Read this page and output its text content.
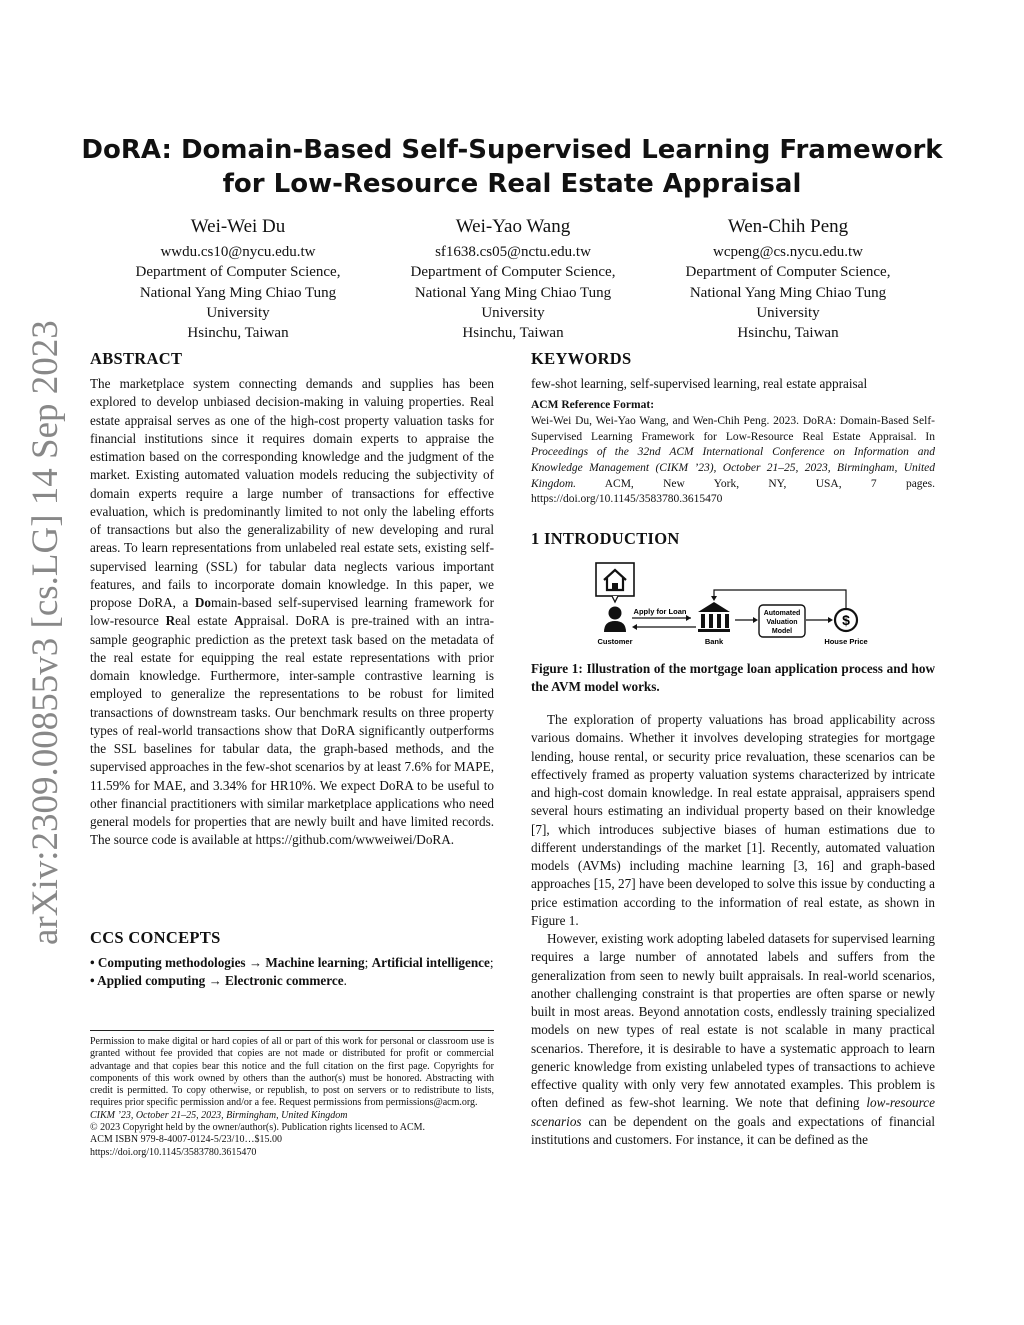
arXiv:2309.00855v3 [cs.LG] 14 Sep 2023
DoRA: Domain-Based Self-Supervised Learning Framework for Low-Resource Real Estate Appraisal
Wei-Wei Du
wwdu.cs10@nycu.edu.tw
Department of Computer Science,
National Yang Ming Chiao Tung
University
Hsinchu, Taiwan
Wei-Yao Wang
sf1638.cs05@nctu.edu.tw
Department of Computer Science,
National Yang Ming Chiao Tung
University
Hsinchu, Taiwan
Wen-Chih Peng
wcpeng@cs.nycu.edu.tw
Department of Computer Science,
National Yang Ming Chiao Tung
University
Hsinchu, Taiwan
ABSTRACT

The marketplace system connecting demands and supplies has been explored to develop unbiased decision-making in valuing properties. Real estate appraisal serves as one of the high-cost property valuation tasks for financial institutions since it requires domain experts to appraise the estimation based on the corresponding knowledge and the judgment of the market. Existing automated valuation models reducing the subjectivity of domain experts require a large number of transactions for effective evaluation, which is predominantly limited to not only the labeling efforts of transactions but also the generalizability of new developing and rural areas. To learn representations from unlabeled real estate sets, existing self-supervised learning (SSL) for tabular data neglects various important features, and fails to incorporate domain knowledge. In this paper, we propose DoRA, a Domain-based self-supervised learning framework for low-resource Real estate Appraisal. DoRA is pre-trained with an intra-sample geographic prediction as the pretext task based on the metadata of the real estate for equipping the real estate representations with prior domain knowledge. Furthermore, inter-sample contrastive learning is employed to generalize the representations to be robust for limited transactions of downstream tasks. Our benchmark results on three property types of real-world transactions show that DoRA significantly outperforms the SSL baselines for tabular data, the graph-based methods, and the supervised approaches in the few-shot scenarios by at least 7.6% for MAPE, 11.59% for MAE, and 3.34% for HR10%. We expect DoRA to be useful to other financial practitioners with similar marketplace applications who need general models for properties that are newly built and have limited records. The source code is available at https://github.com/wwweiwei/DoRA.

CCS CONCEPTS

• Computing methodologies → Machine learning; Artificial intelligence; • Applied computing → Electronic commerce.

Permission to make digital or hard copies of all or part of this work for personal or classroom use is granted without fee provided that copies are not made or distributed for profit or commercial advantage and that copies bear this notice and the full citation on the first page. Copyrights for components of this work owned by others than the author(s) must be honored. Abstracting with credit is permitted. To copy otherwise, or republish, to post on servers or to redistribute to lists, requires prior specific permission and/or a fee. Request permissions from permissions@acm.org.

CIKM ’23, October 21–25, 2023, Birmingham, United Kingdom

© 2023 Copyright held by the owner/author(s). Publication rights licensed to ACM.

ACM ISBN 979-8-4007-0124-5/23/10…$15.00

https://doi.org/10.1145/3583780.3615470

KEYWORDS

few-shot learning, self-supervised learning, real estate appraisal

ACM Reference Format:

Wei-Wei Du, Wei-Yao Wang, and Wen-Chih Peng. 2023. DoRA: Domain-Based Self-Supervised Learning Framework for Low-Resource Real Estate Appraisal. In Proceedings of the 32nd ACM International Conference on Information and Knowledge Management (CIKM ’23), October 21–25, 2023, Birmingham, United Kingdom. ACM, New York, NY, USA, 7 pages. https://doi.org/10.1145/3583780.3615470

1 INTRODUCTION
Customer
Apply for Loan
Bank
Automated
Valuation
Model
$
House Price

Figure 1: Illustration of the mortgage loan application process and how the AVM model works.

The exploration of property valuations has broad applicability across various domains. Whether it involves developing strategies for mortgage lending, house rental, or security price revaluation, these scenarios can be effectively framed as property valuation systems characterized by intricate and high-cost domain knowledge. In real estate appraisal, appraisers spend several hours estimating an individual property based on their knowledge [7], which introduces subjective biases of human estimations due to different understandings of the market [1]. Recently, automated valuation models (AVMs) including machine learning [3, 16] and graph-based approaches [15, 27] have been developed to solve this issue by conducting a price estimation according to the information of real estate, as shown in Figure 1.

However, existing work adopting labeled datasets for supervised learning requires a large number of annotated labels and suffers from the generalization from seen to newly built appraisals. In real-world scenarios, another challenging constraint is that properties are often sparse or newly built in most areas. Beyond annotation costs, endlessly training specialized models on new types of real estate is not scalable in many practical scenarios. Therefore, it is desirable to have a systematic approach to learn generic knowledge from existing unlabeled types of transactions to achieve effective quality with only very few annotated examples. This problem is often defined as few-shot learning. We note that defining low-resource scenarios can be dependent on the goals and expectations of financial institutions and customers. For instance, it can be defined as the
